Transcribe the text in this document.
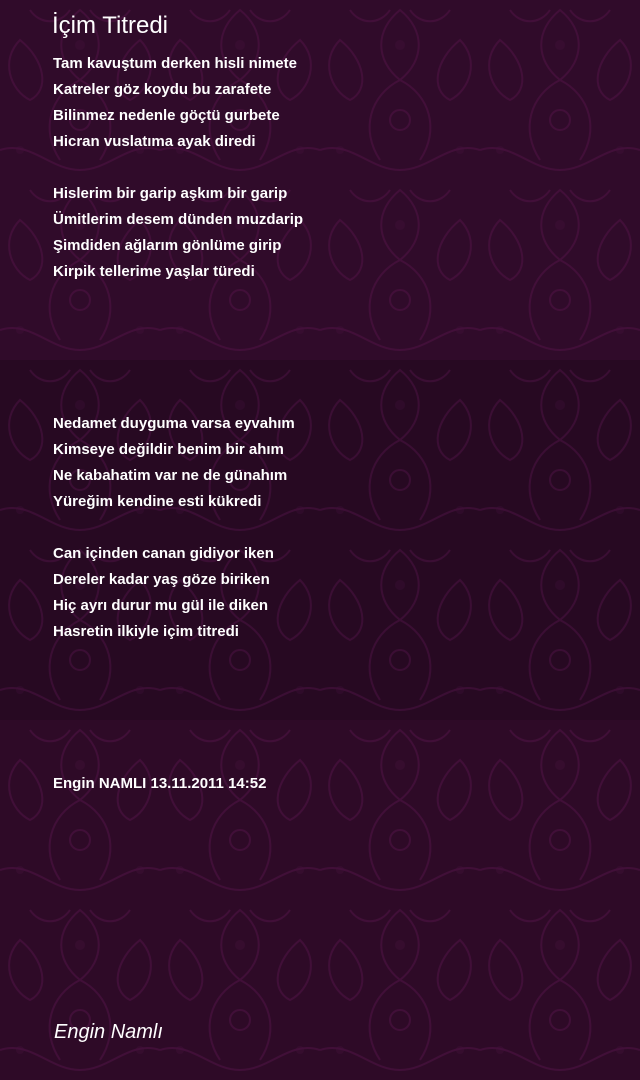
İçim Titredi
Tam kavuştum derken hisli nimete
Katreler göz koydu bu zarafete
Bilinmez nedenle göçtü gurbete
Hicran vuslatıma ayak diredi
Hislerim bir garip aşkım bir garip
Ümitlerim desem dünden muzdarip
Şimdiden ağlarım gönlüme girip
Kirpik tellerime yaşlar türedi
Nedamet duyguma varsa eyvahım
Kimseye değildir benim bir ahım
Ne kabahatim var ne de günahım
Yüreğim kendine esti kükredi
Can içinden canan gidiyor iken
Dereler kadar yaş göze biriken
Hiç ayrı durur mu gül ile diken
Hasretin ilkiyle içim titredi
Engin NAMLI 13.11.2011 14:52
Engin Namlı
